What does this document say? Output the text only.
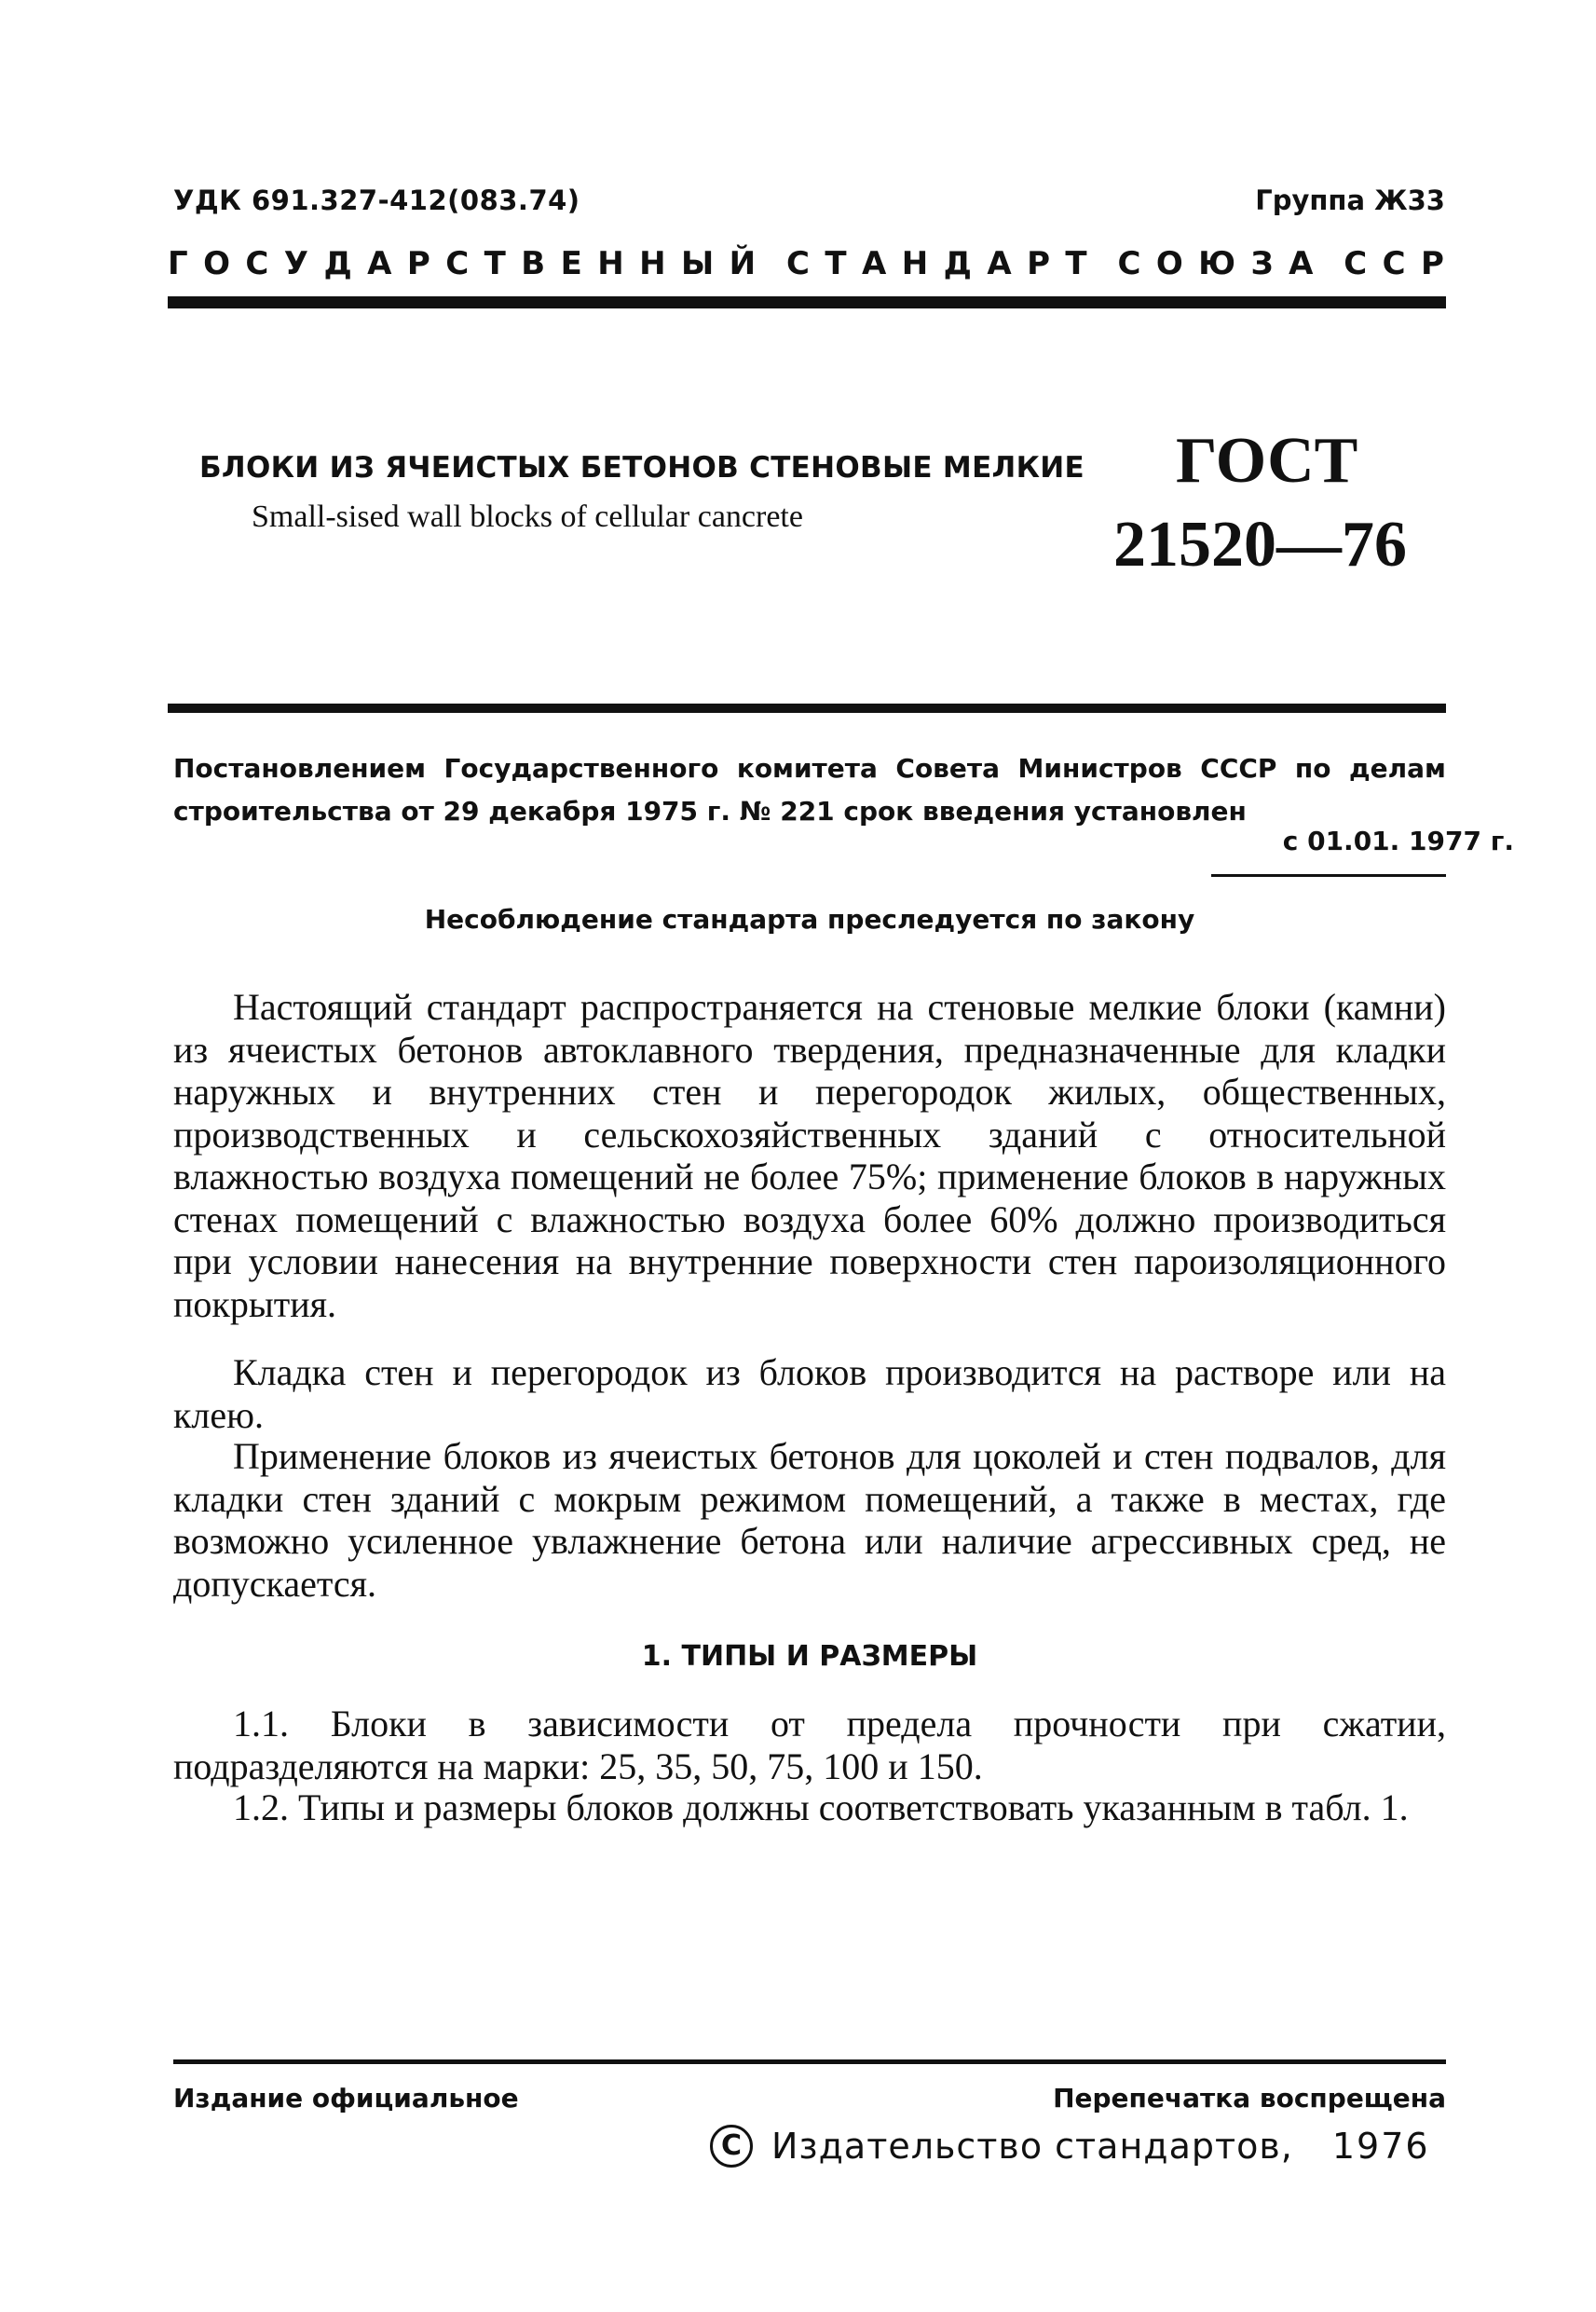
УДК 691.327-412(083.74)	Группа Ж33
Г О С У Д А Р С Т В Е Н Н Ы Й С Т А Н Д А Р Т С О Ю З А С С Р
БЛОКИ ИЗ ЯЧЕИСТЫХ БЕТОНОВ СТЕНОВЫЕ МЕЛКИЕ
Small-sised wall blocks of cellular cancrete
ГОСТ
21520—76
Постановлением Государственного комитета Совета Министров СССР по делам
строительства от 29 декабря 1975 г. № 221 срок введения установлен
с 01.01. 1977 г.
Несоблюдение стандарта преследуется по закону

Настоящий стандарт распространяется на стеновые мелкие блоки (камни) из ячеистых бетонов автоклавного твердения, предназначенные для кладки наружных и внутренних стен и перегородок жилых, общественных, производственных и сельскохозяйственных зданий с относительной влажностью воздуха помещений не более 75%; применение блоков в наружных стенах помещений с влажностью воздуха более 60% должно производиться при условии нанесения на внутренние поверхности стен пароизоляционного покрытия.

Кладка стен и перегородок из блоков производится на растворе или на клею.

Применение блоков из ячеистых бетонов для цоколей и стен подвалов, для кладки стен зданий с мокрым режимом помещений, а также в местах, где возможно усиленное увлажнение бетона или наличие агрессивных сред, не допускается.

1. ТИПЫ И РАЗМЕРЫ

1.1. Блоки в зависимости от предела прочности при сжатии, подразделяются на марки: 25, 35, 50, 75, 100 и 150.

1.2. Типы и размеры блоков должны соответствовать указанным в табл. 1.

Издание официальное	Перепечатка воспрещена
C Издательство стандартов, 1976
